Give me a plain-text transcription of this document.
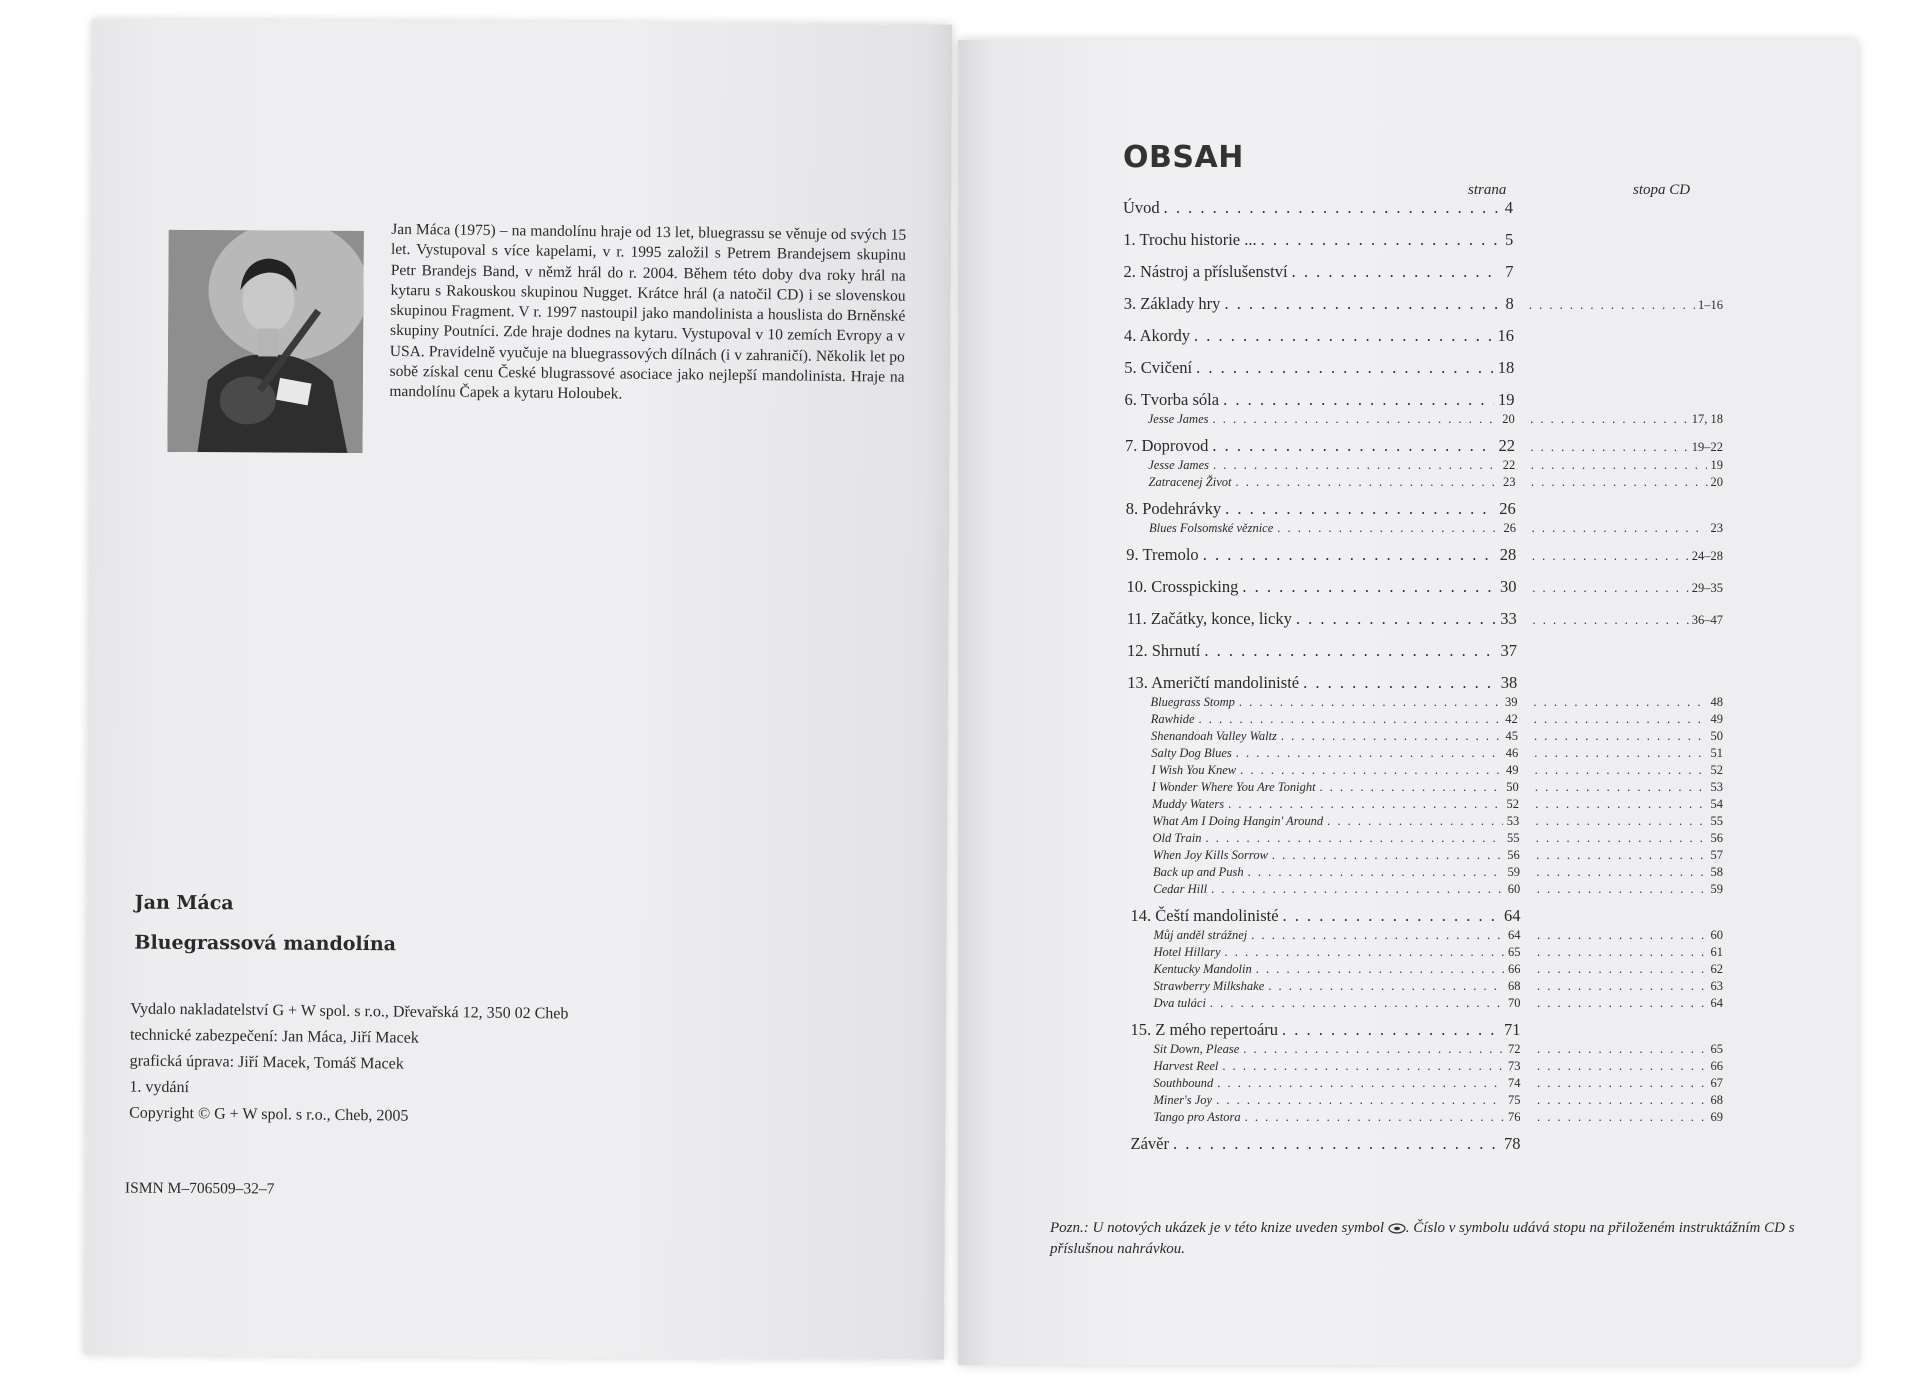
Jan Máca (1975) – na mandolínu hraje od 13 let, bluegrassu se věnuje od svých 15 let. Vystupoval s více kapelami, v r. 1995 založil s Petrem Brandejsem skupinu Petr Brandejs Band, v němž hrál do r. 2004. Během této doby dva roky hrál na kytaru s Rakouskou skupinou Nugget. Krátce hrál (a natočil CD) i se slovenskou skupinou Fragment. V r. 1997 nastoupil jako mandolinista a houslista do Brněnské skupiny Poutníci. Zde hraje dodnes na kytaru. Vystupoval v 10 zemích Evropy a v USA. Pravidelně vyučuje na bluegrassových dílnách (i v zahraničí). Několik let po sobě získal cenu České blugrassové asociace jako nejlepší mandolinista. Hraje na mandolínu Čapek a kytaru Holoubek.
Jan Máca
Bluegrassová mandolína
Vydalo nakladatelství G + W spol. s r.o., Dřevařská 12, 350 02 Cheb
technické zabezpečení: Jan Máca, Jiří Macek
grafická úprava: Jiří Macek, Tomáš Macek
1. vydání
Copyright © G + W spol. s r.o., Cheb, 2005
ISMN M–706509–32–7
OBSAH
strana	stopa CD
Úvod . . .	4
1. Trochu historie ... . . .	5
2. Nástroj a příslušenství . . .	7
3. Základy hry . . .	8 . . .	1–16
4. Akordy . . .	16
5. Cvičení . . .	18
6. Tvorba sóla . . .	19
Jesse James . . .	20 . . .	17, 18
7. Doprovod . . .	22 . . .	19–22
Jesse James . . .	22 . . .	19
Zatracenej Život . . .	23 . . .	20
8. Podehrávky . . .	26
Blues Folsomské věznice . . .	26 . . .	23
9. Tremolo . . .	28 . . .	24–28
10. Crosspicking . . .	30 . . .	29–35
11. Začátky, konce, licky . . .	33 . . .	36–47
12. Shrnutí . . .	37
13. Američtí mandolinisté . . .	38
Bluegrass Stomp . . .	39 . . .	48
Rawhide . . .	42 . . .	49
Shenandoah Valley Waltz . . .	45 . . .	50
Salty Dog Blues . . .	46 . . .	51
I Wish You Knew . . .	49 . . .	52
I Wonder Where You Are Tonight . . .	50 . . .	53
Muddy Waters . . .	52 . . .	54
What Am I Doing Hangin' Around . . .	53 . . .	55
Old Train . . .	55 . . .	56
When Joy Kills Sorrow . . .	56 . . .	57
Back up and Push . . .	59 . . .	58
Cedar Hill . . .	60 . . .	59
14. Čeští mandolinisté . . .	64
Můj anděl strážnej . . .	64 . . .	60
Hotel Hillary . . .	65 . . .	61
Kentucky Mandolin . . .	66 . . .	62
Strawberry Milkshake . . .	68 . . .	63
Dva tuláci . . .	70 . . .	64
15. Z mého repertoáru . . .	71
Sit Down, Please . . .	72 . . .	65
Harvest Reel . . .	73 . . .	66
Southbound . . .	74 . . .	67
Miner's Joy . . .	75 . . .	68
Tango pro Astora . . .	76 . . .	69
Závěr . . .	78
Pozn.: U notových ukázek je v této knize uveden symbol . Číslo v symbolu udává stopu na přiloženém instruktážním CD s příslušnou nahrávkou.
